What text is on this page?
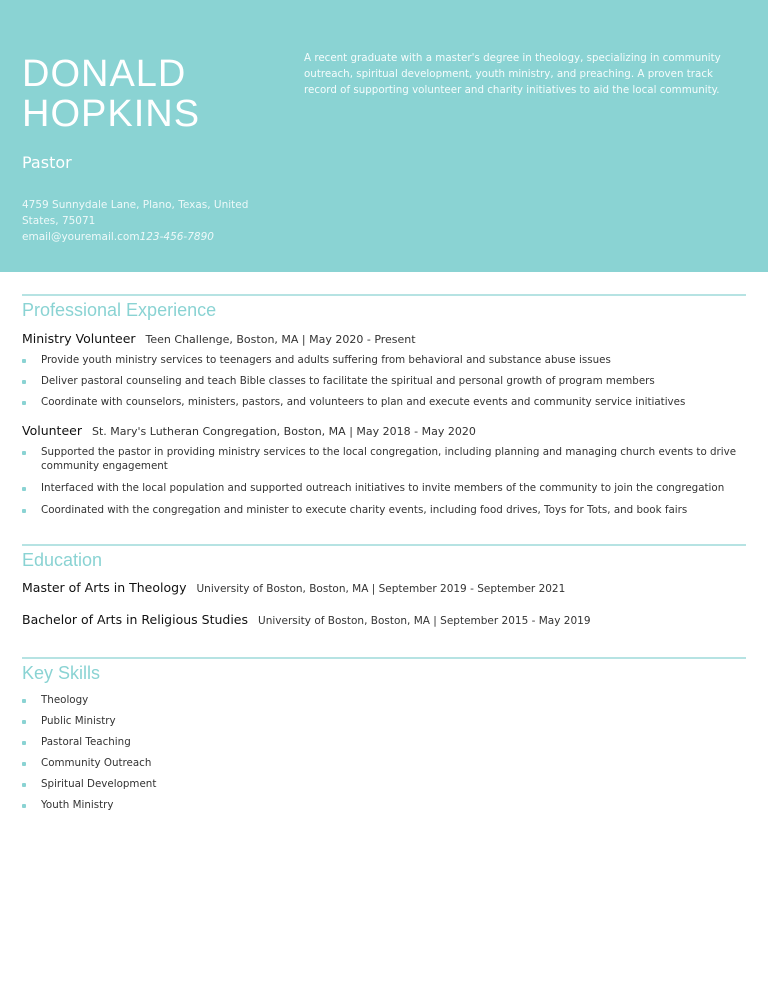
DONALD
HOPKINS
Pastor
4759 Sunnydale Lane, Plano, Texas, United States, 75071
email@youremail.com123-456-7890
A recent graduate with a master's degree in theology, specializing in community outreach, spiritual development, youth ministry, and preaching. A proven track record of supporting volunteer and charity initiatives to aid the local community.
Professional Experience
Ministry Volunteer Teen Challenge, Boston, MA | May 2020 - Present
Provide youth ministry services to teenagers and adults suffering from behavioral and substance abuse issues
Deliver pastoral counseling and teach Bible classes to facilitate the spiritual and personal growth of program members
Coordinate with counselors, ministers, pastors, and volunteers to plan and execute events and community service initiatives
Volunteer St. Mary's Lutheran Congregation, Boston, MA | May 2018 - May 2020
Supported the pastor in providing ministry services to the local congregation, including planning and managing church events to drive community engagement
Interfaced with the local population and supported outreach initiatives to invite members of the community to join the congregation
Coordinated with the congregation and minister to execute charity events, including food drives, Toys for Tots, and book fairs
Education
Master of Arts in Theology University of Boston, Boston, MA | September 2019 - September 2021
Bachelor of Arts in Religious Studies University of Boston, Boston, MA | September 2015 - May 2019
Key Skills
Theology
Public Ministry
Pastoral Teaching
Community Outreach
Spiritual Development
Youth Ministry
